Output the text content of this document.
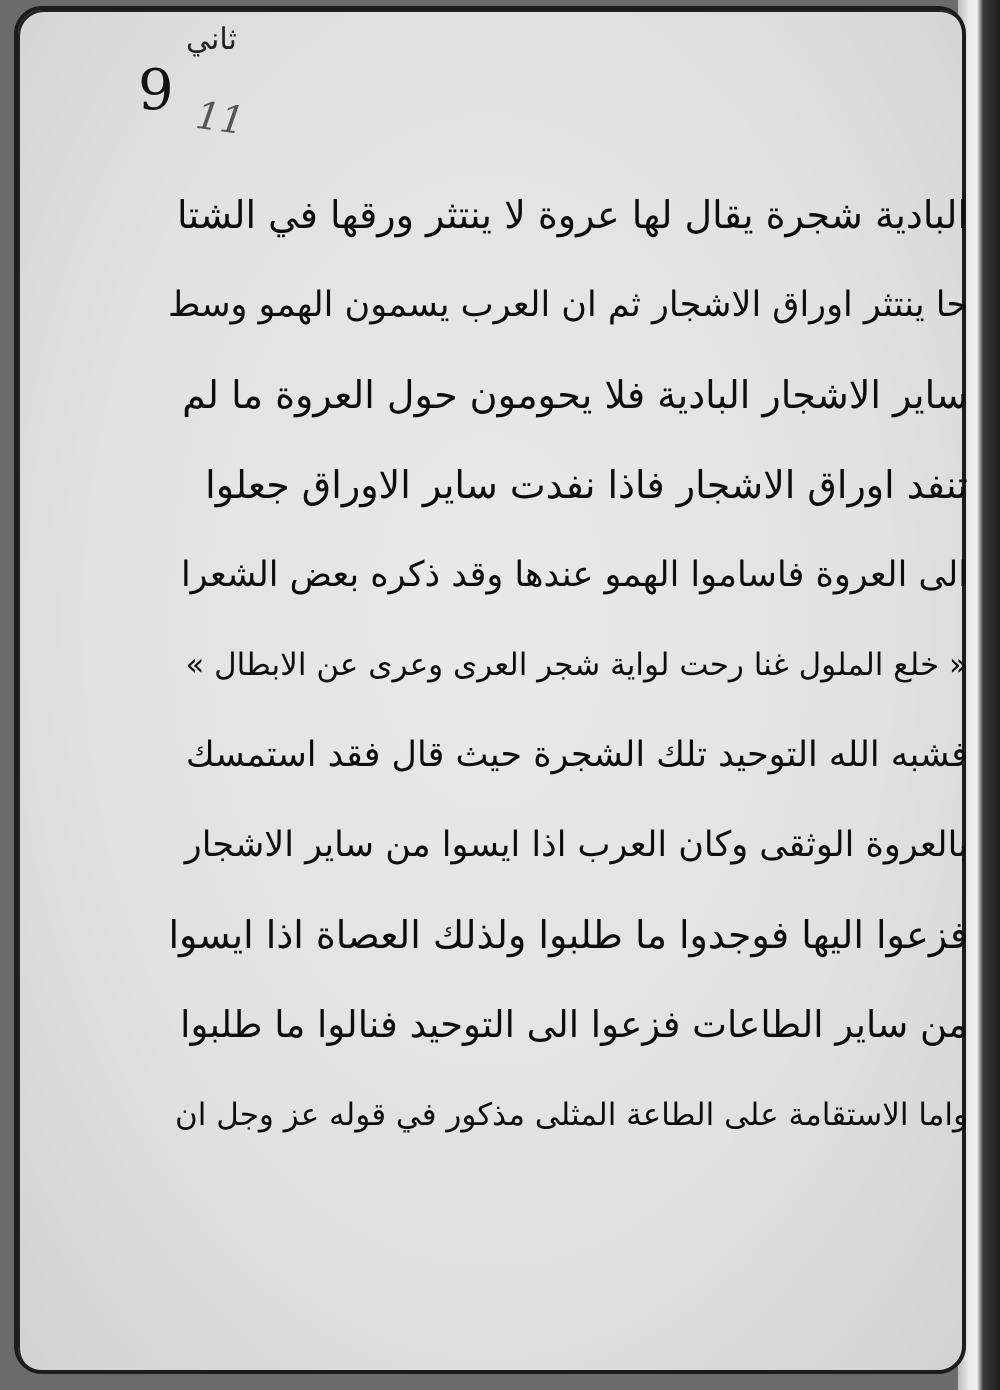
ثاني
9 11
البادية شجرة يقال لها عروة لا ينتثر ورقها في الشتا
حا ينتثر اوراق الاشجار ثم ان العرب يسمون الهمو وسط
ساير الاشجار البادية فلا يحومون حول العروة ما لم
تنفد اوراق الاشجار فاذا نفدت ساير الاوراق جعلوا
الى العروة فاساموا الهمو عندها وقد ذكره بعض الشعرا
« خلع الملول غنا رحت لواية شجر العرى وعرى عن الابطال »
فشبه الله التوحيد تلك الشجرة حيث قال فقد استمسك
بالعروة الوثقى وكان العرب اذا ايسوا من ساير الاشجار
فزعوا اليها فوجدوا ما طلبوا ولذلك العصاة اذا ايسوا
من ساير الطاعات فزعوا الى التوحيد فنالوا ما طلبوا
واما الاستقامة على الطاعة المثلى مذكور في قوله عز وجل ان
